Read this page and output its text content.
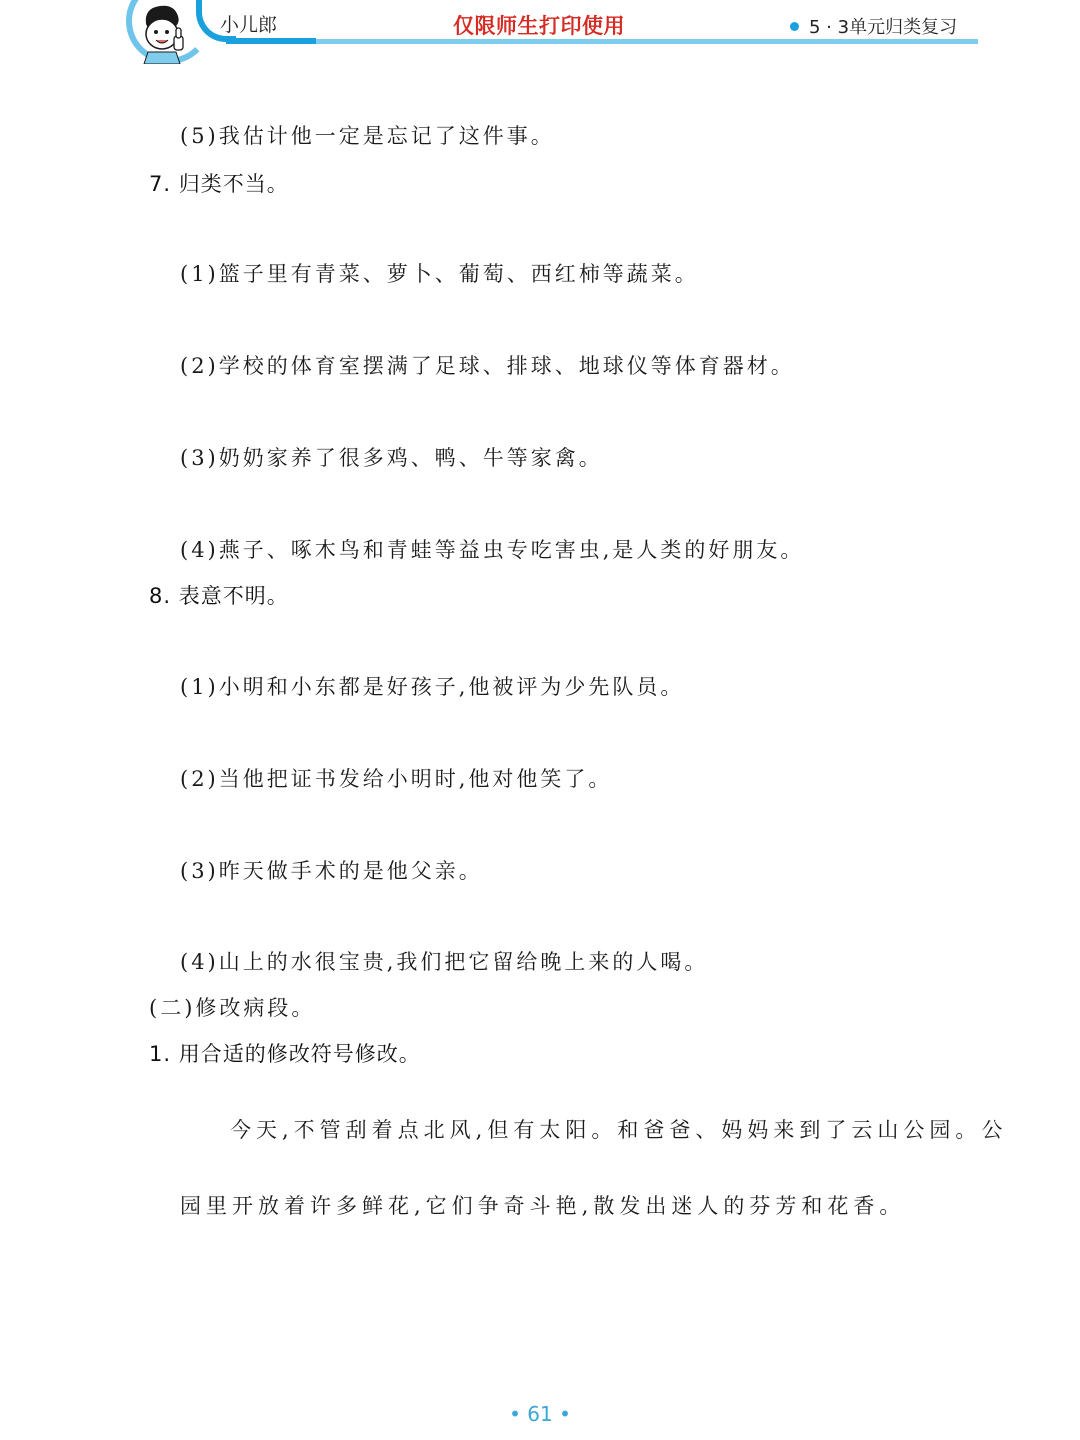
小儿郎	仅限师生打印使用	5 · 3单元归类复习
(5)我估计他一定是忘记了这件事。
7. 归类不当。
(1)篮子里有青菜、萝卜、葡萄、西红柿等蔬菜。
(2)学校的体育室摆满了足球、排球、地球仪等体育器材。
(3)奶奶家养了很多鸡、鸭、牛等家禽。
(4)燕子、啄木鸟和青蛙等益虫专吃害虫,是人类的好朋友。
8. 表意不明。
(1)小明和小东都是好孩子,他被评为少先队员。
(2)当他把证书发给小明时,他对他笑了。
(3)昨天做手术的是他父亲。
(4)山上的水很宝贵,我们把它留给晚上来的人喝。
(二)修改病段。
1. 用合适的修改符号修改。
今天,不管刮着点北风,但有太阳。和爸爸、妈妈来到了云山公园。公
园里开放着许多鲜花,它们争奇斗艳,散发出迷人的芬芳和花香。
• 61 •
